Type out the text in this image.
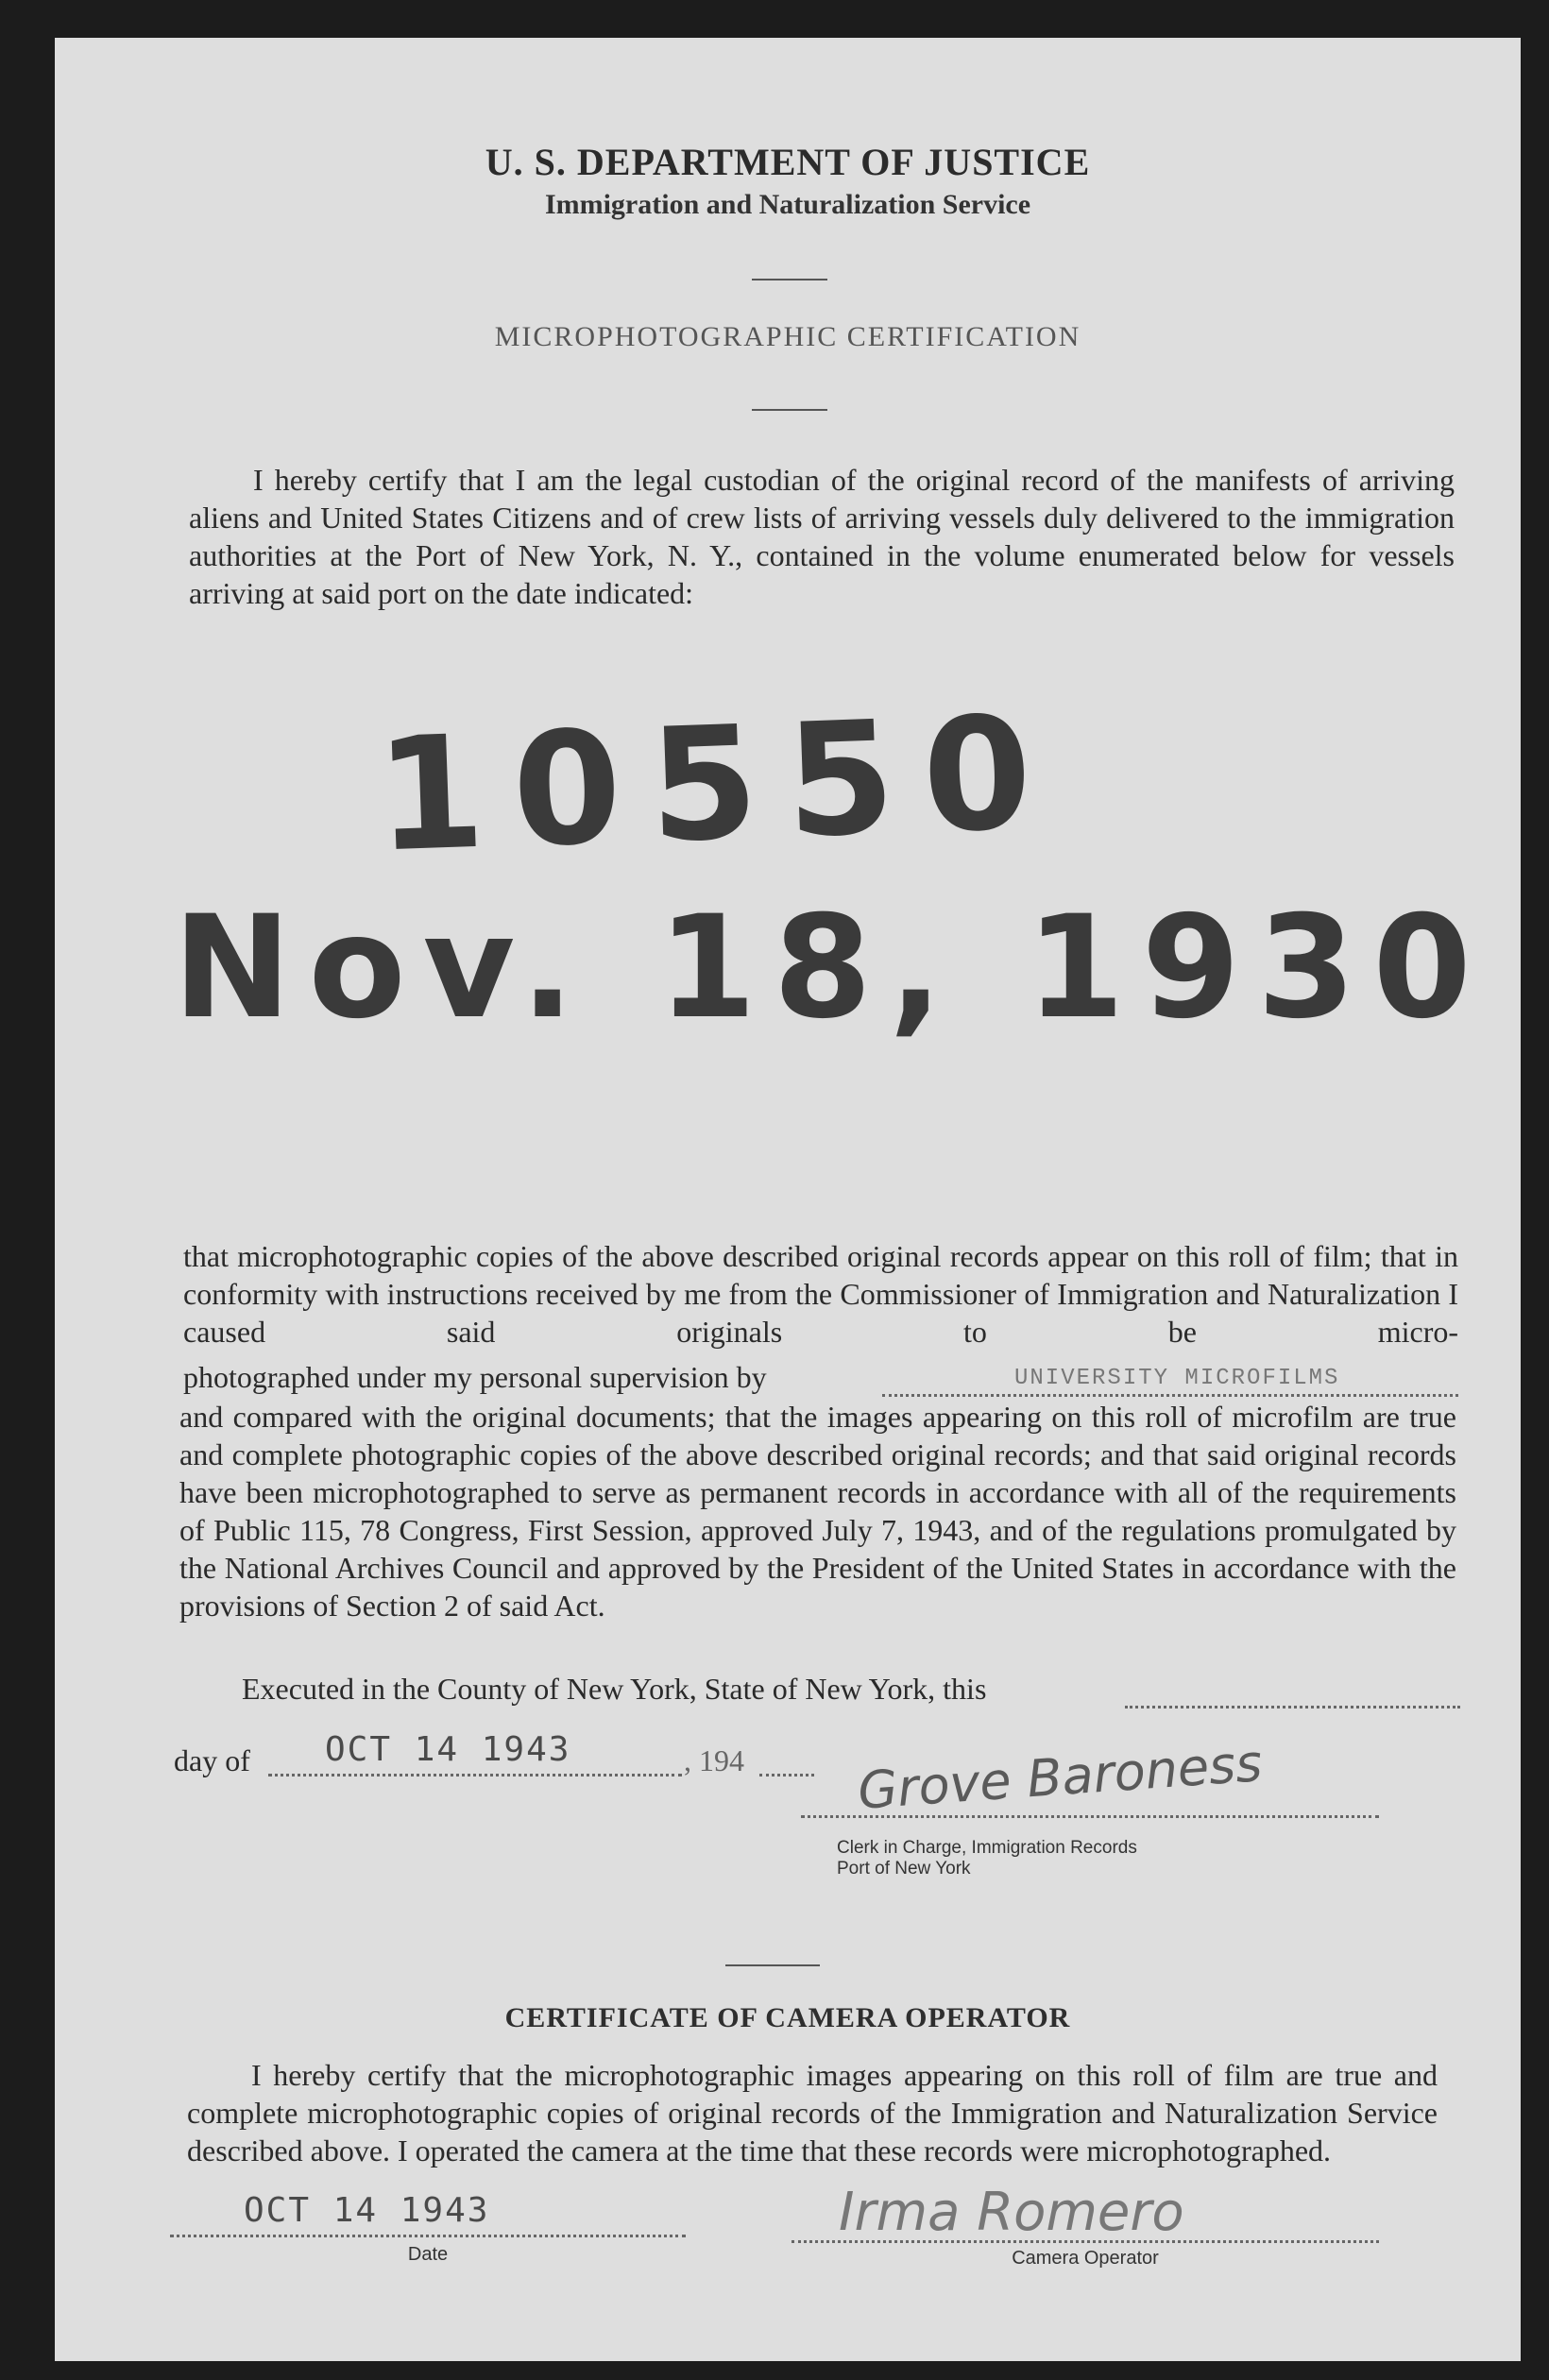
U. S. DEPARTMENT OF JUSTICE
Immigration and Naturalization Service
MICROPHOTOGRAPHIC CERTIFICATION
I hereby certify that I am the legal custodian of the original record of the manifests of arriving aliens and United States Citizens and of crew lists of arriving vessels duly delivered to the immigration authorities at the Port of New York, N. Y., contained in the volume enumerated below for vessels arriving at said port on the date indicated:
10550
Nov. 18, 1930
that microphotographic copies of the above described original records appear on this roll of film; that in conformity with instructions received by me from the Commissioner of Immigration and Naturalization I caused said originals to be micro-
photographed under my personal supervision by	UNIVERSITY MICROFILMS
and compared with the original documents; that the images appearing on this roll of microfilm are true and complete photographic copies of the above described original records; and that said original records have been microphotographed to serve as permanent records in accordance with all of the requirements of Public 115, 78 Congress, First Session, approved July 7, 1943, and of the regulations promulgated by the National Archives Council and approved by the President of the United States in accordance with the provisions of Section 2 of said Act.
Executed in the County of New York, State of New York, this
day of OCT 14 1943	, 194 Grove Baroness
Clerk in Charge, Immigration Records
Port of New York
CERTIFICATE OF CAMERA OPERATOR
I hereby certify that the microphotographic images appearing on this roll of film are true and complete microphotographic copies of original records of the Immigration and Naturalization Service described above. I operated the camera at the time that these records were microphotographed.
OCT 14 1943
Date
Irma Romero
Camera Operator
